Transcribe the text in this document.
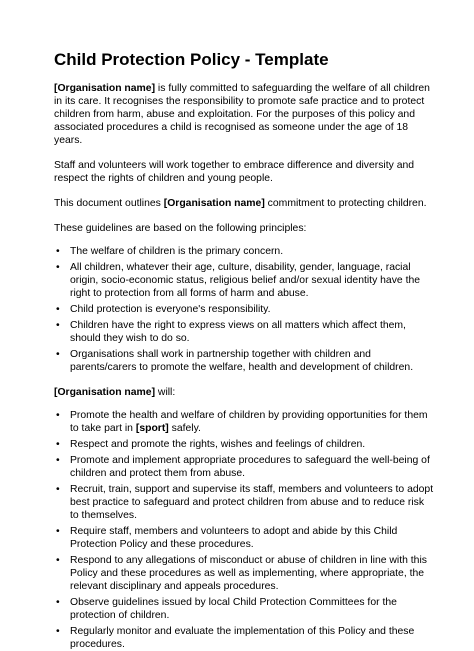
Child Protection Policy - Template

[Organisation name] is fully committed to safeguarding the welfare of all children in its care. It recognises the responsibility to promote safe practice and to protect children from harm, abuse and exploitation. For the purposes of this policy and associated procedures a child is recognised as someone under the age of 18 years.

Staff and volunteers will work together to embrace difference and diversity and respect the rights of children and young people.

This document outlines [Organisation name] commitment to protecting children.

These guidelines are based on the following principles:

• The welfare of children is the primary concern.
• All children, whatever their age, culture, disability, gender, language, racial origin, socio-economic status, religious belief and/or sexual identity have the right to protection from all forms of harm and abuse.
• Child protection is everyone's responsibility.
• Children have the right to express views on all matters which affect them, should they wish to do so.
• Organisations shall work in partnership together with children and parents/carers to promote the welfare, health and development of children.

[Organisation name] will:

• Promote the health and welfare of children by providing opportunities for them to take part in [sport] safely.
• Respect and promote the rights, wishes and feelings of children.
• Promote and implement appropriate procedures to safeguard the well-being of children and protect them from abuse.
• Recruit, train, support and supervise its staff, members and volunteers to adopt best practice to safeguard and protect children from abuse and to reduce risk to themselves.
• Require staff, members and volunteers to adopt and abide by this Child Protection Policy and these procedures.
• Respond to any allegations of misconduct or abuse of children in line with this Policy and these procedures as well as implementing, where appropriate, the relevant disciplinary and appeals procedures.
• Observe guidelines issued by local Child Protection Committees for the protection of children.
• Regularly monitor and evaluate the implementation of this Policy and these procedures.
